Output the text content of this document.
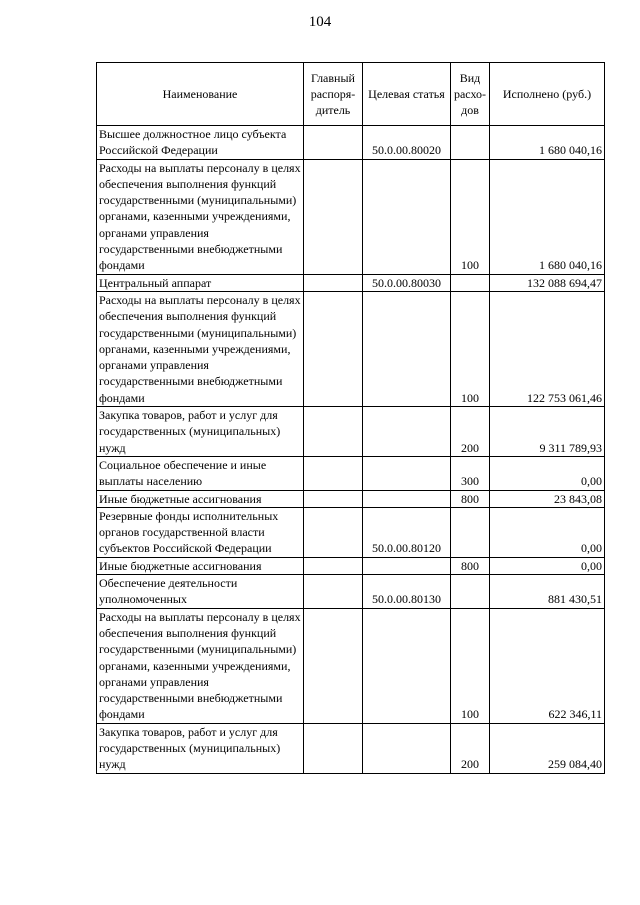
104
Наименование	Главный распоря-дитель	Целевая статья	Вид расхо-дов	Исполнено (руб.)
Высшее должностное лицо субъекта Российской Федерации		50.0.00.80020		1 680 040,16
Расходы на выплаты персоналу в целях обеспечения выполнения функций государственными (муниципальными) органами, казенными учреждениями, органами управления государственными внебюджетными фондами			100	1 680 040,16
Центральный аппарат		50.0.00.80030		132 088 694,47
Расходы на выплаты персоналу в целях обеспечения выполнения функций государственными (муниципальными) органами, казенными учреждениями, органами управления государственными внебюджетными фондами			100	122 753 061,46
Закупка товаров, работ и услуг для государственных (муниципальных) нужд			200	9 311 789,93
Социальное обеспечение и иные выплаты населению			300	0,00
Иные бюджетные ассигнования			800	23 843,08
Резервные фонды исполнительных органов государственной власти субъектов Российской Федерации		50.0.00.80120		0,00
Иные бюджетные ассигнования			800	0,00
Обеспечение деятельности уполномоченных		50.0.00.80130		881 430,51
Расходы на выплаты персоналу в целях обеспечения выполнения функций государственными (муниципальными) органами, казенными учреждениями, органами управления государственными внебюджетными фондами			100	622 346,11
Закупка товаров, работ и услуг для государственных (муниципальных) нужд			200	259 084,40
